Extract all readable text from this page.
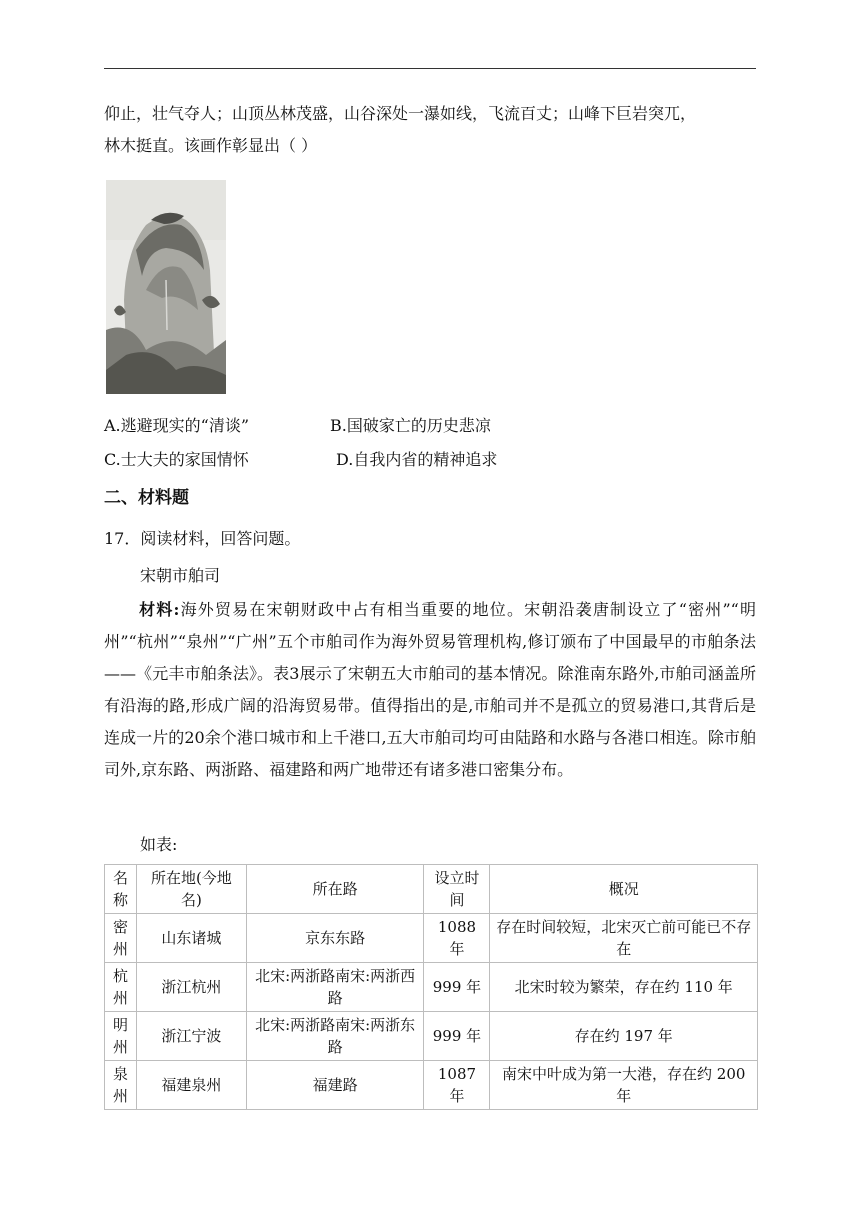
仰止，壮气夺人；山顶丛林茂盛，山谷深处一瀑如线，飞流百丈；山峰下巨岩突兀，
林木挺直。该画作彰显出（ ）
A.逃避现实的“清谈”	B.国破家亡的历史悲凉
C.士大夫的家国情怀	D.自我内省的精神追求
二、材料题
17．阅读材料，回答问题。
宋朝市舶司
材料:海外贸易在宋朝财政中占有相当重要的地位。宋朝沿袭唐制设立了“密州”“明州”“杭州”“泉州”“广州”五个市舶司作为海外贸易管理机构,修订颁布了中国最早的市舶条法——《元丰市舶条法》。表3展示了宋朝五大市舶司的基本情况。除淮南东路外,市舶司涵盖所有沿海的路,形成广阔的沿海贸易带。值得指出的是,市舶司并不是孤立的贸易港口,其背后是连成一片的20余个港口城市和上千港口,五大市舶司均可由陆路和水路与各港口相连。除市舶司外,京东路、两浙路、福建路和两广地带还有诸多港口密集分布。
如表:
名称	所在地(今地名)	所在路	设立时间	概况
密州	山东诸城	京东东路	1088 年	存在时间较短，北宋灭亡前可能已不存在
杭州	浙江杭州	北宋:两浙路南宋:两浙西路	999 年	北宋时较为繁荣，存在约 110 年
明州	浙江宁波	北宋:两浙路南宋:两浙东路	999 年	存在约 197 年
泉州	福建泉州	福建路	1087 年	南宋中叶成为第一大港，存在约 200 年
